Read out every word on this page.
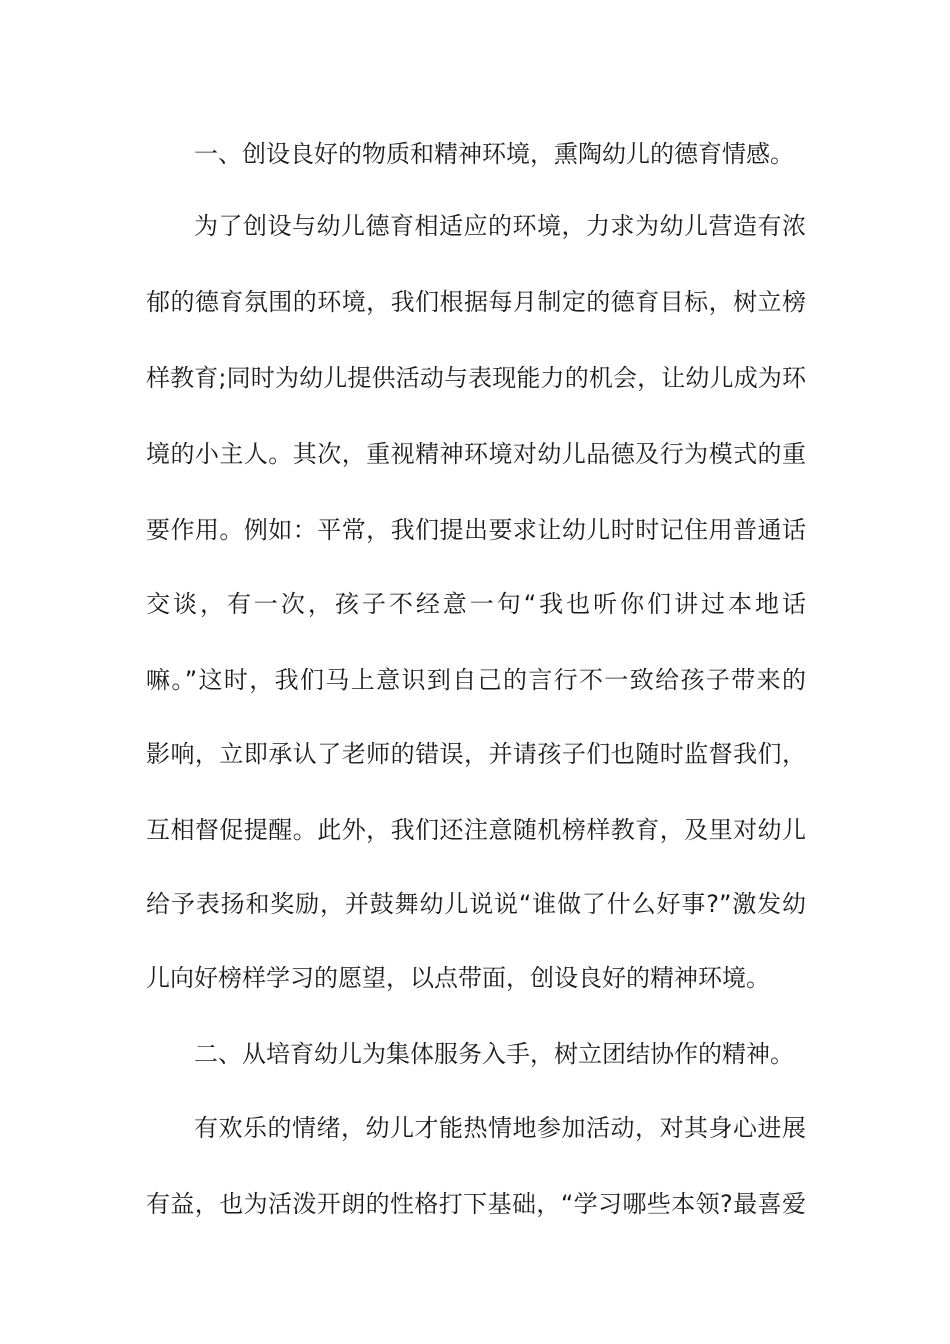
一、创设良好的物质和精神环境，熏陶幼儿的德育情感。
为了创设与幼儿德育相适应的环境，力求为幼儿营造有浓
郁的德育氛围的环境，我们根据每月制定的德育目标，树立榜
样教育;同时为幼儿提供活动与表现能力的机会，让幼儿成为环
境的小主人。其次，重视精神环境对幼儿品德及行为模式的重
要作用。例如：平常，我们提出要求让幼儿时时记住用普通话
交谈，有一次，孩子不经意一句“我也听你们讲过本地话
嘛。”这时，我们马上意识到自己的言行不一致给孩子带来的
影响，立即承认了老师的错误，并请孩子们也随时监督我们，
互相督促提醒。此外，我们还注意随机榜样教育，及里对幼儿
给予表扬和奖励，并鼓舞幼儿说说“谁做了什么好事?”激发幼
儿向好榜样学习的愿望，以点带面，创设良好的精神环境。
二、从培育幼儿为集体服务入手，树立团结协作的精神。
有欢乐的情绪，幼儿才能热情地参加活动，对其身心进展
有益，也为活泼开朗的性格打下基础，“学习哪些本领?最喜爱
